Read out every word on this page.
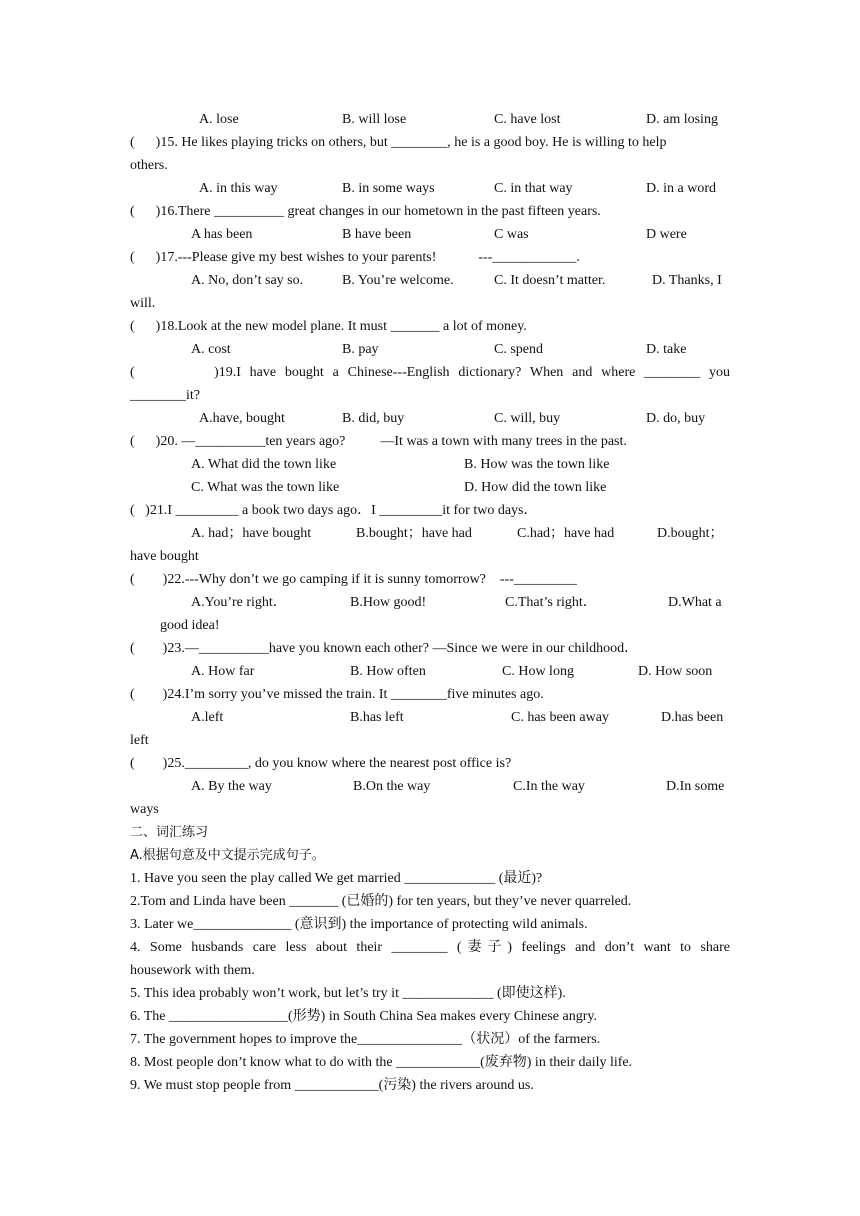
A. lose	B. will lose	C. have lost	D. am losing
(      )15. He likes playing tricks on others, but ________, he is a good boy. He is willing to help
others.
A. in this way	B. in some ways	C. in that way	D. in a word
(      )16.There __________ great changes in our hometown in the past fifteen years.
A has been	B have been	C was	D were
(      )17.---Please give my best wishes to your parents!            ---____________.
A. No, don’t say so.	B. You’re welcome.	C. It doesn’t matter.	D. Thanks, I
will.
(      )18.Look at the new model plane. It must _______ a lot of money.
A. cost	B. pay	C. spend	D. take
(         )19.I have bought a Chinese---English dictionary? When and where ________ you
________it?
A.have, bought	B. did, buy	C. will, buy	D. do, buy
(      )20. —__________ten years ago?          —It was a town with many trees in the past.
A. What did the town like	B. How was the town like
C. What was the town like	D. How did the town like
(   )21.I _________ a book two days ago．I _________it for two days．
A. had；have bought	B.bought；have had	C.had；have had	D.bought；
have bought
(        )22.---Why don’t we go camping if it is sunny tomorrow?    ---_________
A.You’re right．	B.How good!	C.That’s right．	D.What a
good idea!
(        )23.—__________have you known each other? —Since we were in our childhood．
A. How far	B. How often	C. How long	D. How soon
(        )24.I’m sorry you’ve missed the train. It ________five minutes ago.
A.left	B.has left	C. has been away	D.has been
left
(        )25._________, do you know where the nearest post office is?
A. By the way	B.On the way	C.In the way	D.In some
ways
二、词汇练习
A.根据句意及中文提示完成句子。
1. Have you seen the play called We get married _____________ (最近)?
2.Tom and Linda have been _______ (已婚的) for ten years, but they’ve never quarreled.
3. Later we______________ (意识到) the importance of protecting wild animals.
4. Some husbands care less about their ________ (妻子) feelings and don’t want to share
housework with them.
5. This idea probably won’t work, but let’s try it _____________ (即使这样).
6. The _________________(形势) in South China Sea makes every Chinese angry.
7. The government hopes to improve the_______________（状况）of the farmers.
8. Most people don’t know what to do with the ____________(废弃物) in their daily life.
9. We must stop people from ____________(污染) the rivers around us.
